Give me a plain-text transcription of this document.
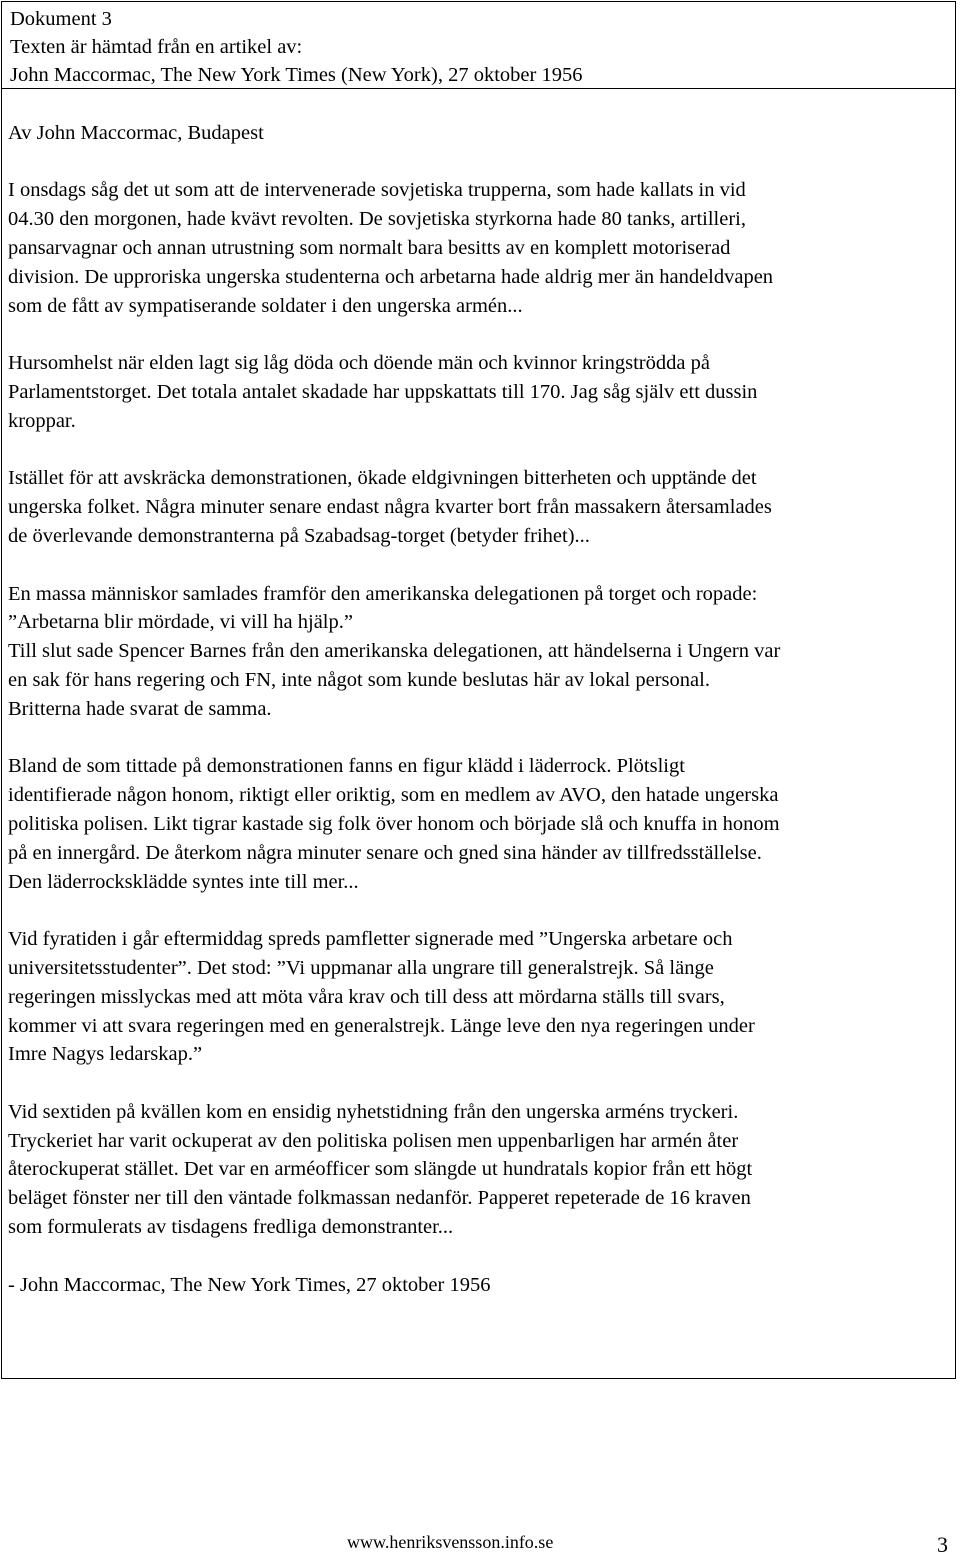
Dokument 3
Texten är hämtad från en artikel av:
John Maccormac, The New York Times (New York), 27 oktober 1956

Av John Maccormac, Budapest

I onsdags såg det ut som att de intervenerade sovjetiska trupperna, som hade kallats in vid
04.30 den morgonen, hade kvävt revolten. De sovjetiska styrkorna hade 80 tanks, artilleri,
pansarvagnar och annan utrustning som normalt bara besitts av en komplett motoriserad
division. De upproriska ungerska studenterna och arbetarna hade aldrig mer än handeldvapen
som de fått av sympatiserande soldater i den ungerska armén...

Hursomhelst när elden lagt sig låg döda och döende män och kvinnor kringströdda på
Parlamentstorget. Det totala antalet skadade har uppskattats till 170. Jag såg själv ett dussin
kroppar.

Istället för att avskräcka demonstrationen, ökade eldgivningen bitterheten och upptände det
ungerska folket. Några minuter senare endast några kvarter bort från massakern återsamlades
de överlevande demonstranterna på Szabadsag-torget (betyder frihet)...

En massa människor samlades framför den amerikanska delegationen på torget och ropade:
”Arbetarna blir mördade, vi vill ha hjälp.”
Till slut sade Spencer Barnes från den amerikanska delegationen, att händelserna i Ungern var
en sak för hans regering och FN, inte något som kunde beslutas här av lokal personal.
Britterna hade svarat de samma.

Bland de som tittade på demonstrationen fanns en figur klädd i läderrock. Plötsligt
identifierade någon honom, riktigt eller oriktig, som en medlem av AVO, den hatade ungerska
politiska polisen. Likt tigrar kastade sig folk över honom och började slå och knuffa in honom
på en innergård. De återkom några minuter senare och gned sina händer av tillfredsställelse.
Den läderrocksklädde syntes inte till mer...

Vid fyratiden i går eftermiddag spreds pamfletter signerade med ”Ungerska arbetare och
universitetsstudenter”. Det stod: ”Vi uppmanar alla ungrare till generalstrejk. Så länge
regeringen misslyckas med att möta våra krav och till dess att mördarna ställs till svars,
kommer vi att svara regeringen med en generalstrejk. Länge leve den nya regeringen under
Imre Nagys ledarskap.”

Vid sextiden på kvällen kom en ensidig nyhetstidning från den ungerska arméns tryckeri.
Tryckeriet har varit ockuperat av den politiska polisen men uppenbarligen har armén åter
återockuperat stället. Det var en arméofficer som slängde ut hundratals kopior från ett högt
beläget fönster ner till den väntade folkmassan nedanför. Papperet repeterade de 16 kraven
som formulerats av tisdagens fredliga demonstranter...

- John Maccormac, The New York Times, 27 oktober 1956

www.henriksvensson.info.se	3
